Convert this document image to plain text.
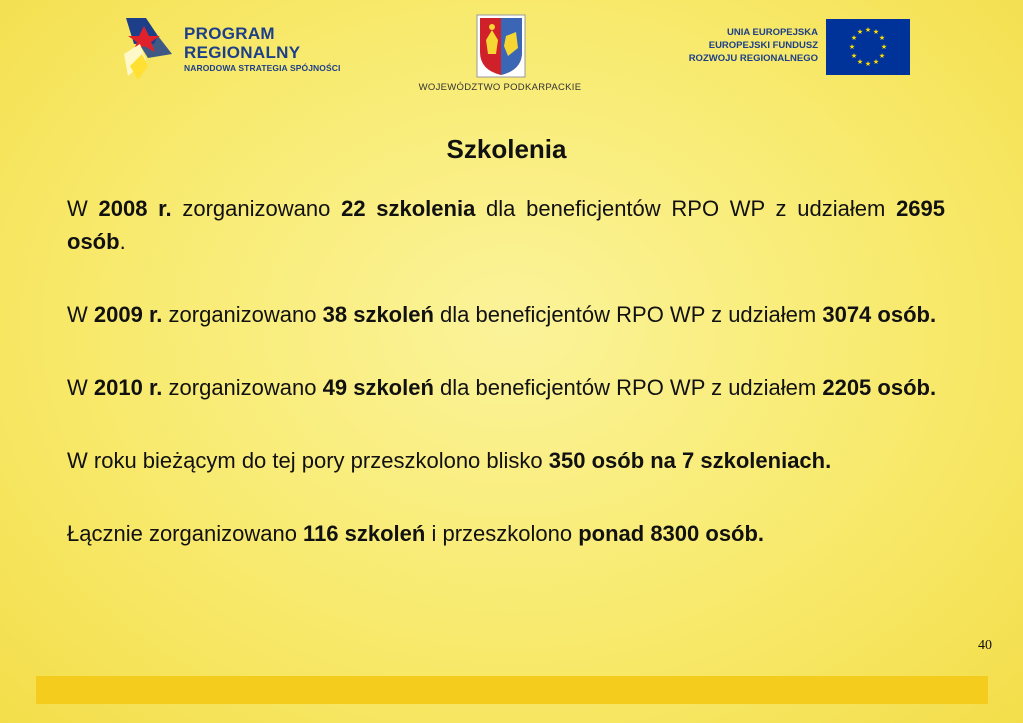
PROGRAM
REGIONALNY
NARODOWA STRATEGIA SPÓJNOŚCI
WOJEWÓDZTWO PODKARPACKIE
UNIA EUROPEJSKA
EUROPEJSKI FUNDUSZ
ROZWOJU REGIONALNEGO
★ ★
★
★
★
★
★
★
★
★
★
★
Szkolenia

W 2008 r. zorganizowano 22 szkolenia dla beneficjentów RPO WP z udziałem 2695 osób.

W 2009 r. zorganizowano 38 szkoleń dla beneficjentów RPO WP z udziałem 3074 osób.

W 2010 r. zorganizowano 49 szkoleń dla beneficjentów RPO WP z udziałem 2205 osób.

W roku bieżącym do tej pory przeszkolono blisko 350 osób na 7 szkoleniach.

Łącznie zorganizowano 116 szkoleń i przeszkolono ponad 8300 osób.

40
